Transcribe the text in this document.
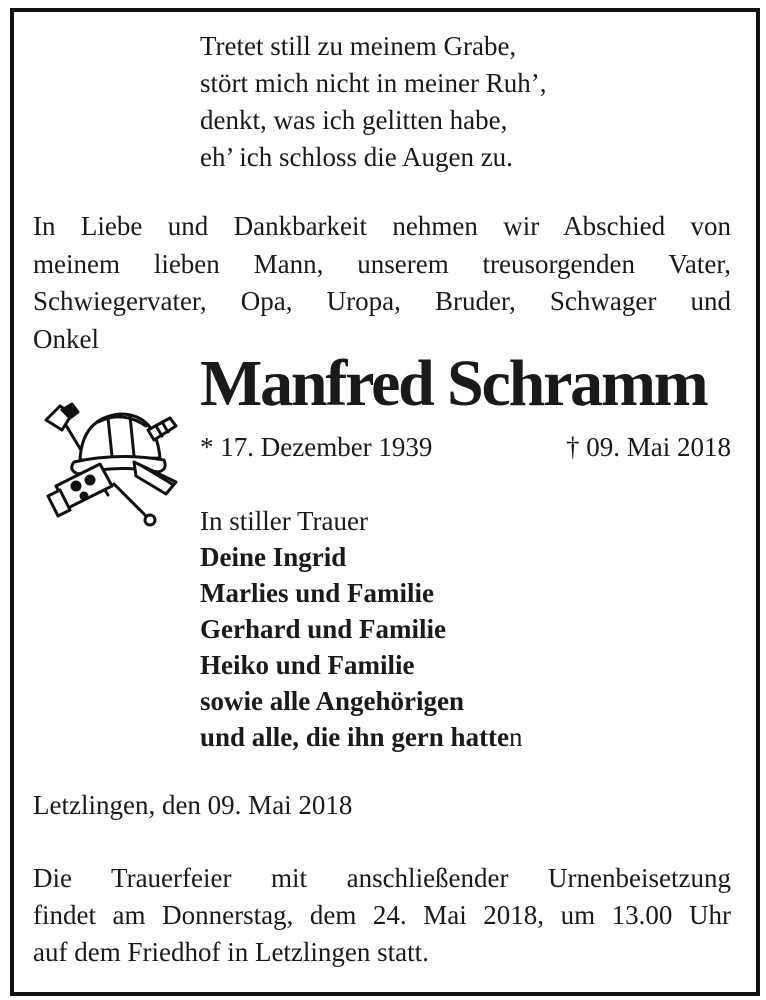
Tretet still zu meinem Grabe,
stört mich nicht in meiner Ruh’,
denkt, was ich gelitten habe,
eh’ ich schloss die Augen zu.
In Liebe und Dankbarkeit nehmen wir Abschied von
meinem lieben Mann, unserem treusorgenden Vater,
Schwiegervater, Opa, Uropa, Bruder, Schwager und
Onkel
Manfred Schramm
* 17. Dezember 1939	† 09. Mai 2018
In stiller Trauer
Deine Ingrid
Marlies und Familie
Gerhard und Familie
Heiko und Familie
sowie alle Angehörigen
und alle, die ihn gern hatten
Letzlingen, den 09. Mai 2018
Die Trauerfeier mit anschließender Urnenbeisetzung
findet am Donnerstag, dem 24. Mai 2018, um 13.00 Uhr
auf dem Friedhof in Letzlingen statt.
